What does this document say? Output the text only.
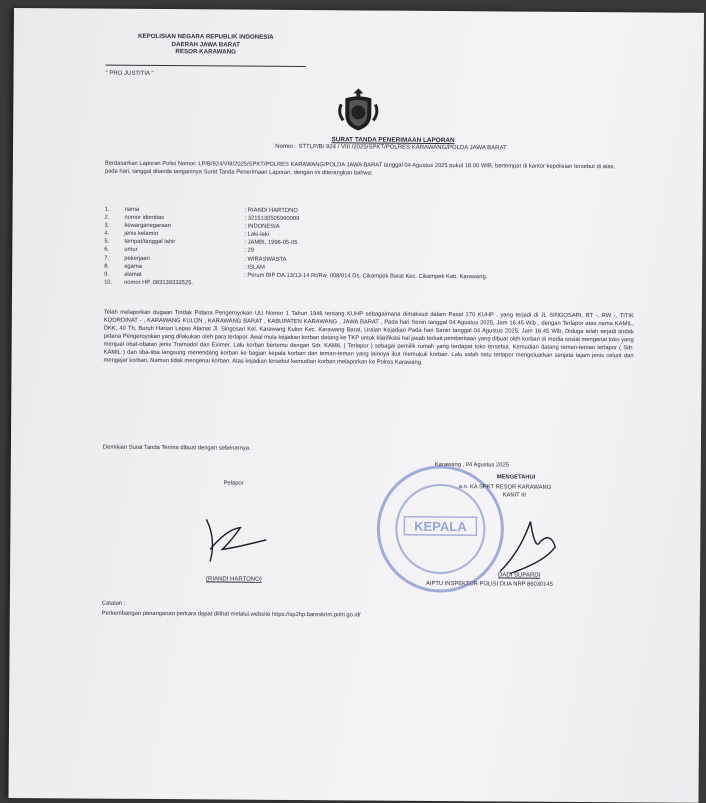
KEPOLISIAN NEGARA REPUBLIK INDONESIA
DAERAH JAWA BARAT
RESOR KARAWANG
" PRO JUSTITIA "
SURAT TANDA PENERIMAAN LAPORAN
Nomor : STTLP/B/ 924 / VIII /2025/SPKT/POLRES KARAWANG/POLDA JAWA BARAT
Berdasarkan Laporan Polisi Nomor: LP/B/924/VIII/2025/SPKT/POLRES KARAWANG/POLDA JAWA BARAT tanggal 04 Agustus 2025 pukul 18.00 WIB, bertempat di kantor kepolisian tersebut di atas, pada hari, tanggal ditanda tanganinya Surat Tanda Penerimaan Laporan, dengan ini diterangkan bahwa:
1.	nama	: RIANDI HARTONO
2.	nomor identitas	: 3215130505960009
3.	kewarganegaraan	: INDONESIA
4.	jenis kelamin	: Laki-laki
5.	tempat/tanggal lahir	: JAMBI, 1996-05-05
6.	umur	: 29
7.	pekerjaan	: WIRASWASTA
8.	agama	: ISLAM
9.	alamat	: Perum BIP DA.13/13-14 Rt/Rw. 008/014 Ds. Cikampek Barat Kec. Cikampek Kab. Karawang.
10.	nomor HP. 083139333525.
Telah melaporkan dugaan Tindak Pidana Pengeroyokan UU Nomor 1 Tahun 1946 tentang KUHP sebagaimana dimaksud dalam Pasal 170 KUHP , yang terjadi di JL SINGOSARI, RT -, RW -, TITIK KOORDINAT - , KARAWANG KULON , KARAWANG BARAT , KABUPATEN KARAWANG , JAWA BARAT , Pada hari Senin tanggal 04 Agustus 2025, Jam 16.45 Wib , dengan Terlapor atas nama KAMIL, DKK, 40 Th, Buruh Harian Lepas Alamat Jl. Singosari Kel. Karawang Kulon Kec. Karawang Barat, Uraian Kejadian Pada hari Senin tanggal 04 Agustus 2025, Jam 16.45 Wib, Diduga telah terjadi tindak pidana Pengeroyokan yang dilakukan oleh para terlapor. Awal mula kejadian korban datang ke TKP untuk klarifikasi hal jasab terkait pemberitaan yang dibuat oleh korban di media sosial mengenai toko yang menjual obat-obatan jenis Tramadol dan Eximer. Lalu korban bertemu dengan Sdr. KAMIL ( Terlapor ) sebagai pemilik rumah yang terdapat toko tersebut. Kemudian datang teman-teman terlapor ( Sdr. KAMIL ) dan tiba-tiba langsung menendang korban ke bagian kepala korban dan teman-teman yang lainnya ikut memukuli korban. Lalu salah satu terlapor mengeluarkan senjata tajam jenis celurit dan mengejar korban, Namun tidak mengenai korban. Atas kejadian tersebut kemudian korban melaporkan ke Polres Karawang.
Demikian Surat Tanda Terima dibuat dengan sebenarnya.
KEPALA
Pelapor
(RIANDI HARTONO)
Karawang , 04 Agustus 2025
MENGETAHUI
a.n. KA SPKT RESOR KARAWANG
KANIT III
DADI SUPARDI
AIPTU INSPEKTUR POLISI DUA NRP 86030145
Catatan :
Perkembangan penanganan perkara dapat dilihat melalui website https://sp2hp.bareskrim.polri.go.id/
